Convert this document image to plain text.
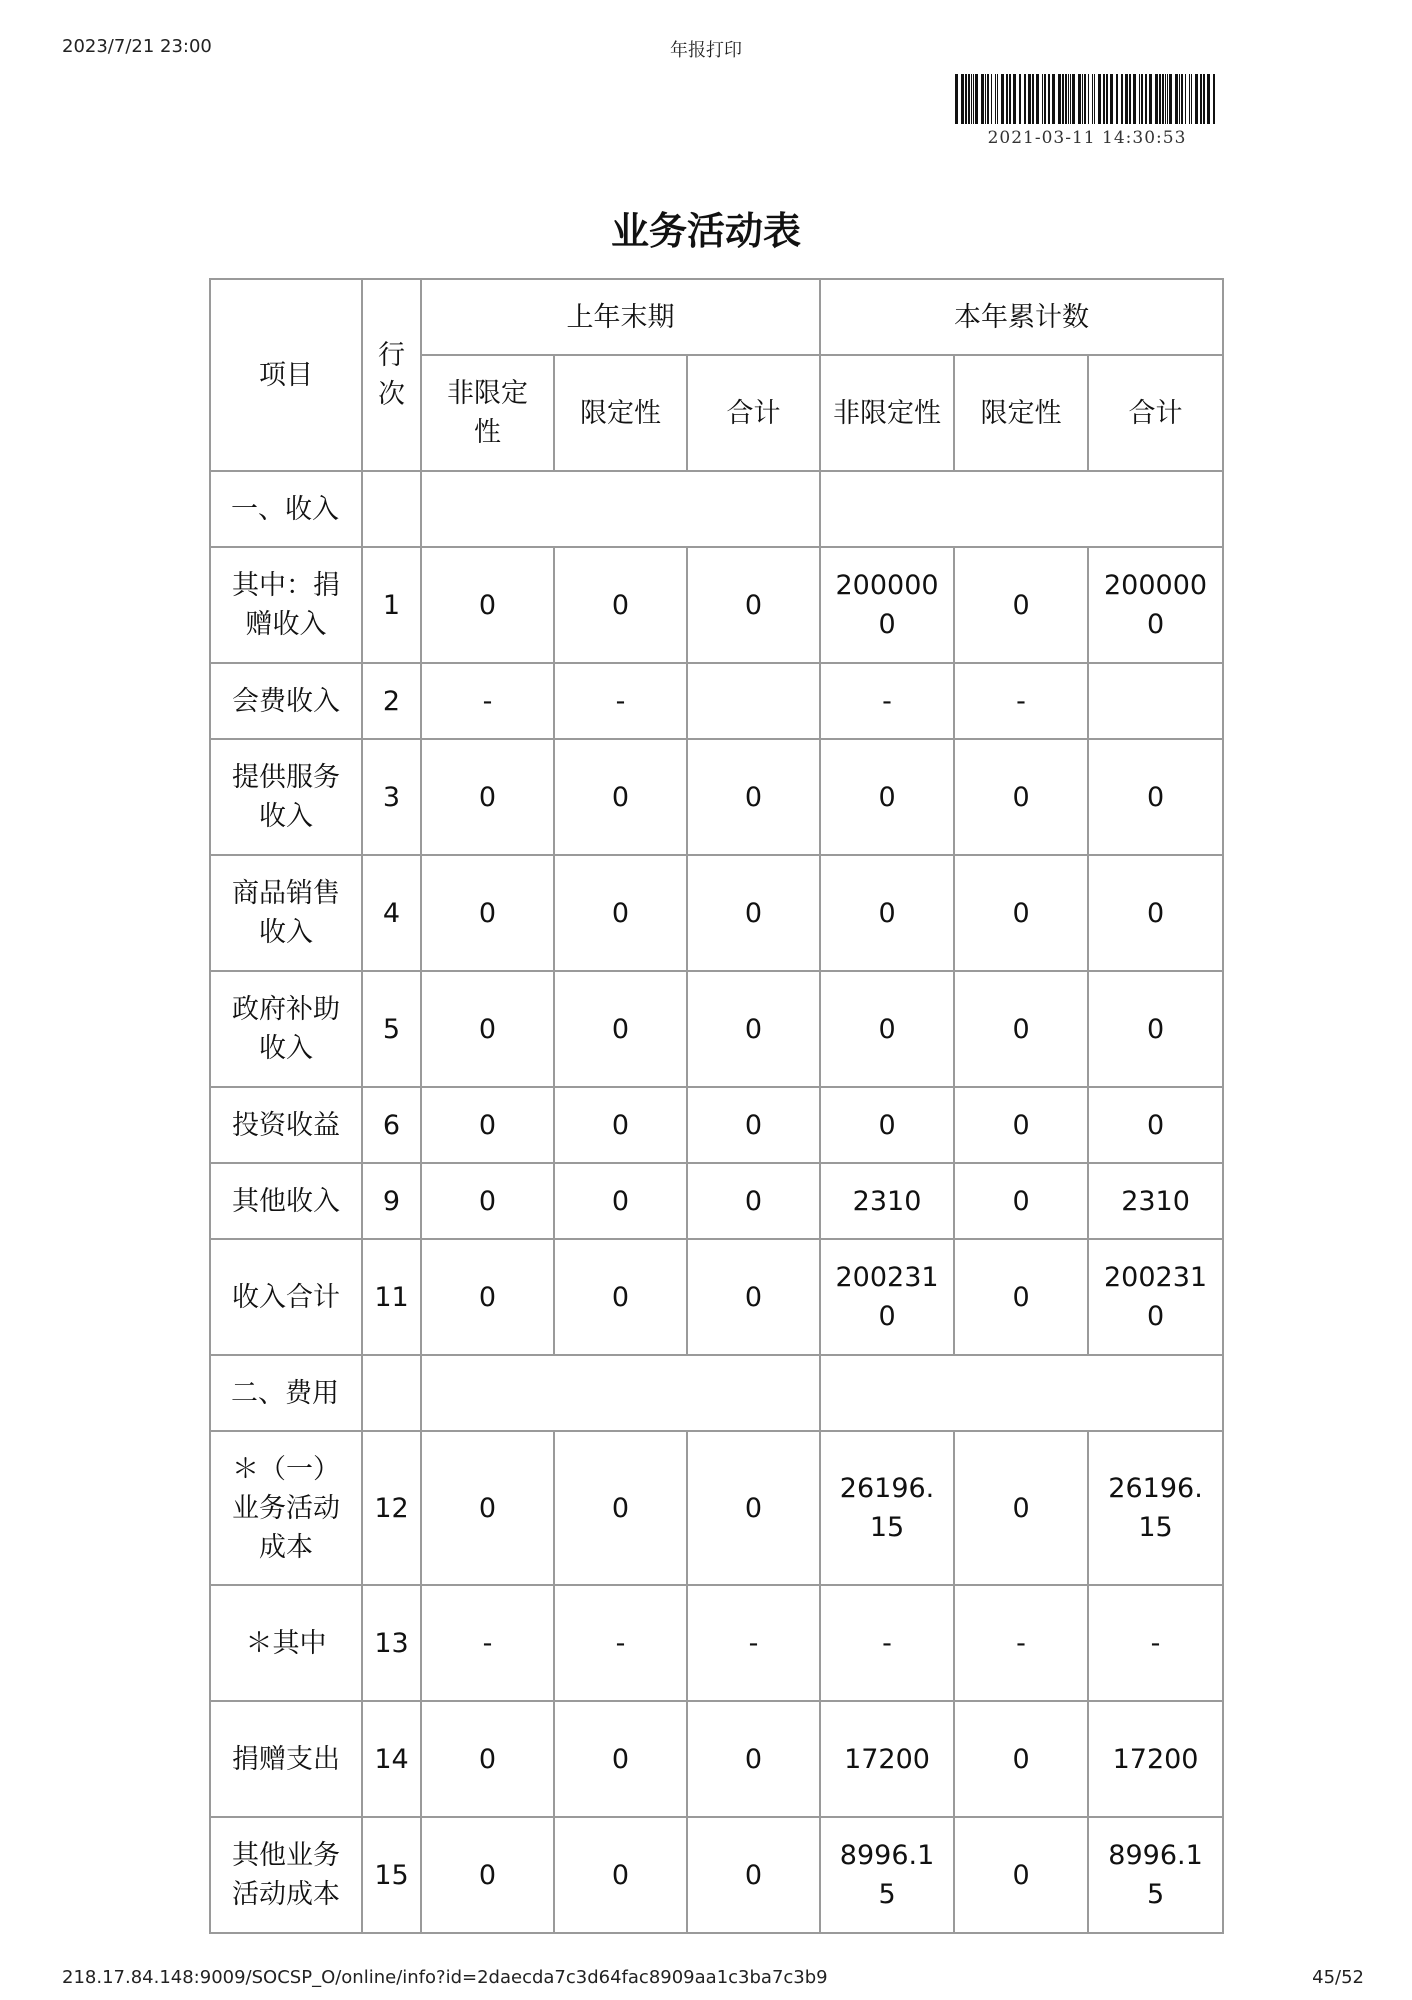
2023/7/21 23:00	年报打印
2021-03-11 14:30:53
业务活动表
项目	行次	上年末期			本年累计数		
		非限定性	限定性	合计	非限定性	限定性	合计
一、收入							
其中：捐赠收入	1	0	0	0	2000000	0	2000000
会费收入	2	-	-		-	-	
提供服务收入	3	0	0	0	0	0	0
商品销售收入	4	0	0	0	0	0	0
政府补助收入	5	0	0	0	0	0	0
投资收益	6	0	0	0	0	0	0
其他收入	9	0	0	0	2310	0	2310
收入合计	11	0	0	0	2002310	0	2002310
二、费用							
＊（一）业务活动成本	12	0	0	0	26196.15	0	26196.15
＊其中	13	-	-	-	-	-	-
捐赠支出	14	0	0	0	17200	0	17200
其他业务活动成本	15	0	0	0	8996.15	0	8996.15
218.17.84.148:9009/SOCSP_O/online/info?id=2daecda7c3d64fac8909aa1c3ba7c3b9	45/52
